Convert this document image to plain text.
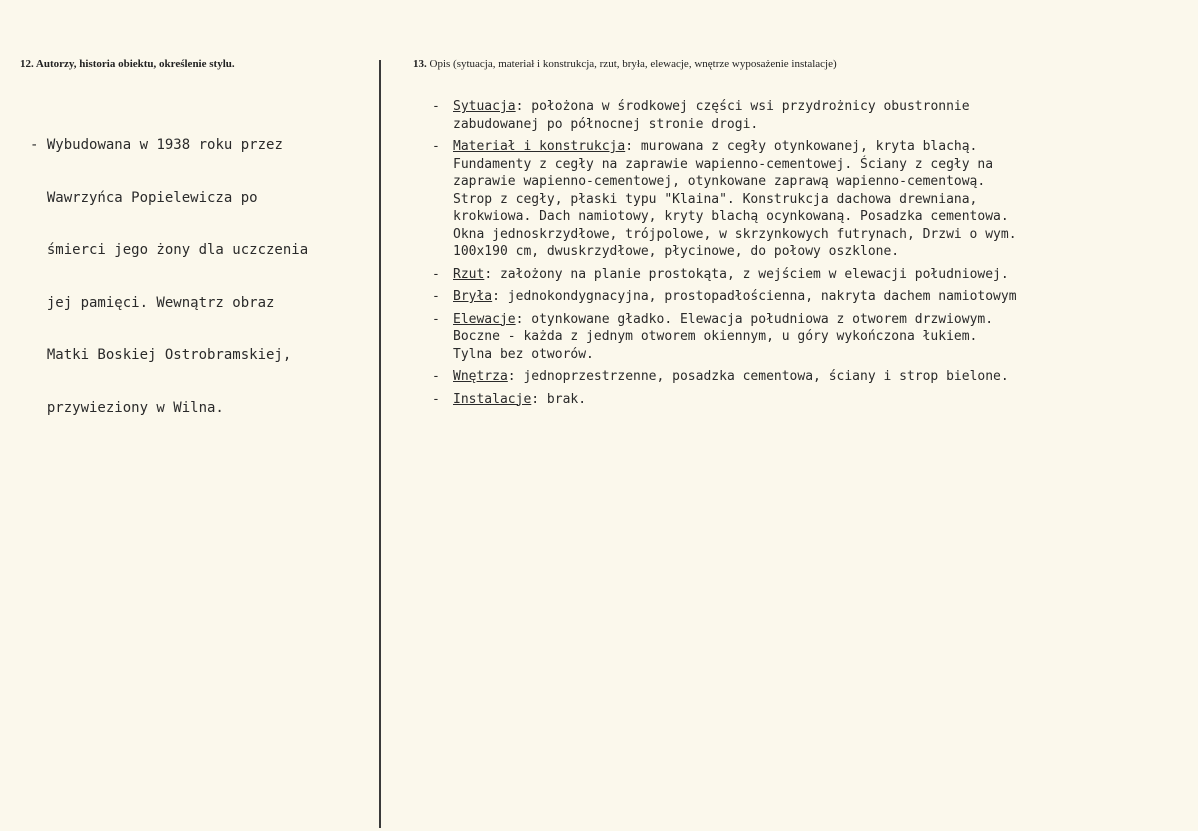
12. Autorzy, historia obiektu, określenie stylu.	13. Opis (sytuacja, materiał i konstrukcja, rzut, bryła, elewacje, wnętrze wyposażenie instalacje)

- Wybudowana w 1938 roku przez

Wawrzyńca Popielewicza po

śmierci jego żony dla uczczenia

jej pamięci. Wewnątrz obraz

Matki Boskiej Ostrobramskiej,

przywieziony w Wilna.

- Sytuacja: położona w środkowej części wsi przydrożnicy obustronnie
zabudowanej po północnej stronie drogi.
- Materiał i konstrukcja: murowana z cegły otynkowanej, kryta blachą.
Fundamenty z cegły na zaprawie wapienno-cementowej. Ściany z cegły na
zaprawie wapienno-cementowej, otynkowane zaprawą wapienno-cementową.
Strop z cegły, płaski typu "Klaina". Konstrukcja dachowa drewniana,
krokwiowa. Dach namiotowy, kryty blachą ocynkowaną. Posadzka cementowa.
Okna jednoskrzydłowe, trójpolowe, w skrzynkowych futrynach, Drzwi o wym.
100x190 cm, dwuskrzydłowe, płycinowe, do połowy oszklone.
- Rzut: założony na planie prostokąta, z wejściem w elewacji południowej.
- Bryła: jednokondygnacyjna, prostopadłościenna, nakryta dachem namiotowym
- Elewacje: otynkowane gładko. Elewacja południowa z otworem drzwiowym.
Boczne - każda z jednym otworem okiennym, u góry wykończona łukiem.
Tylna bez otworów.
- Wnętrza: jednoprzestrzenne, posadzka cementowa, ściany i strop bielone.
- Instalacje: brak.
